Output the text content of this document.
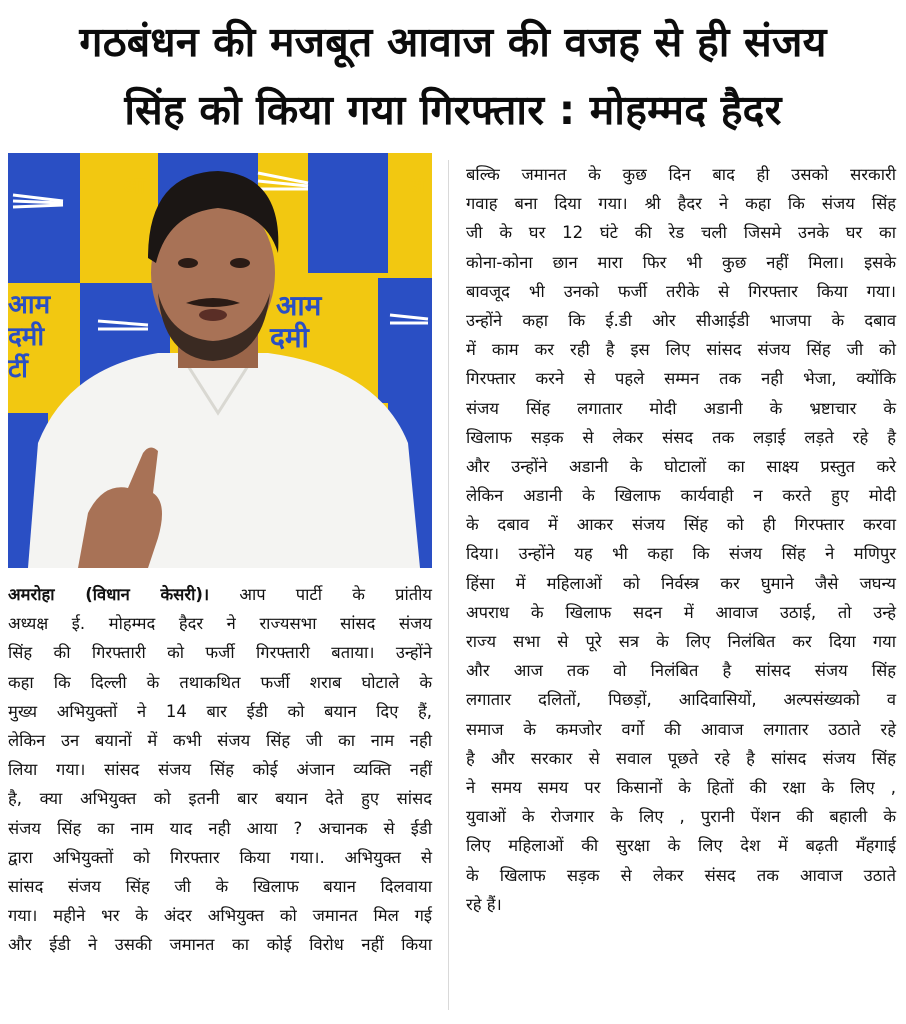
गठबंधन की मजबूत आवाज की वजह से ही संजय
सिंह को किया गया गिरफ्तार : मोहम्मद हैदर
आम
दमी
र्टी
आम
दमी
आ	अ
अमरोहा (विधान केसरी)। आप पार्टी के प्रांतीय
अध्यक्ष ई. मोहम्मद हैदर ने राज्यसभा सांसद संजय
सिंह की गिरफ्तारी को फर्जी गिरफ्तारी बताया। उन्होंने
कहा कि दिल्ली के तथाकथित फर्जी शराब घोटाले के
मुख्य अभियुक्तों ने 14 बार ईडी को बयान दिए हैं,
लेकिन उन बयानों में कभी संजय सिंह जी का नाम नही
लिया गया। सांसद संजय सिंह कोई अंजान व्यक्ति नहीं
है, क्या अभियुक्त को इतनी बार बयान देते हुए सांसद
संजय सिंह का नाम याद नही आया ? अचानक से ईडी
द्वारा अभियुक्तों को गिरफ्तार किया गया।. अभियुक्त से
सांसद संजय सिंह जी के खिलाफ बयान दिलवाया
गया। महीने भर के अंदर अभियुक्त को जमानत मिल गई
और ईडी ने उसकी जमानत का कोई विरोध नहीं किया
बल्कि जमानत के कुछ दिन बाद ही उसको सरकारी
गवाह बना दिया गया। श्री हैदर ने कहा कि संजय सिंह
जी के घर 12 घंटे की रेड चली जिसमे उनके घर का
कोना-कोना छान मारा फिर भी कुछ नहीं मिला। इसके
बावजूद भी उनको फर्जी तरीके से गिरफ्तार किया गया।
उन्होंने कहा कि ई.डी ओर सीआईडी भाजपा के दबाव
में काम कर रही है इस लिए सांसद संजय सिंह जी को
गिरफ्तार करने से पहले सम्मन तक नही भेजा, क्योंकि
संजय सिंह लगातार मोदी अडानी के भ्रष्टाचार के
खिलाफ सड़क से लेकर संसद तक लड़ाई लड़ते रहे है
और उन्होंने अडानी के घोटालों का साक्ष्य प्रस्तुत करे
लेकिन अडानी के खिलाफ कार्यवाही न करते हुए मोदी
के दबाव में आकर संजय सिंह को ही गिरफ्तार करवा
दिया। उन्होंने यह भी कहा कि संजय सिंह ने मणिपुर
हिंसा में महिलाओं को निर्वस्त्र कर घुमाने जैसे जघन्य
अपराध के खिलाफ सदन में आवाज उठाई, तो उन्हे
राज्य सभा से पूरे सत्र के लिए निलंबित कर दिया गया
और आज तक वो निलंबित है सांसद संजय सिंह
लगातार दलितों, पिछड़ों, आदिवासियों, अल्पसंख्यको व
समाज के कमजोर वर्गो की आवाज लगातार उठाते रहे
है और सरकार से सवाल पूछते रहे है सांसद संजय सिंह
ने समय समय पर किसानों के हितों की रक्षा के लिए ,
युवाओं के रोजगार के लिए , पुरानी पेंशन की बहाली के
लिए महिलाओं की सुरक्षा के लिए देश में बढ़ती मँहगाई
के खिलाफ सड़क से लेकर संसद तक आवाज उठाते
रहे हैं।
